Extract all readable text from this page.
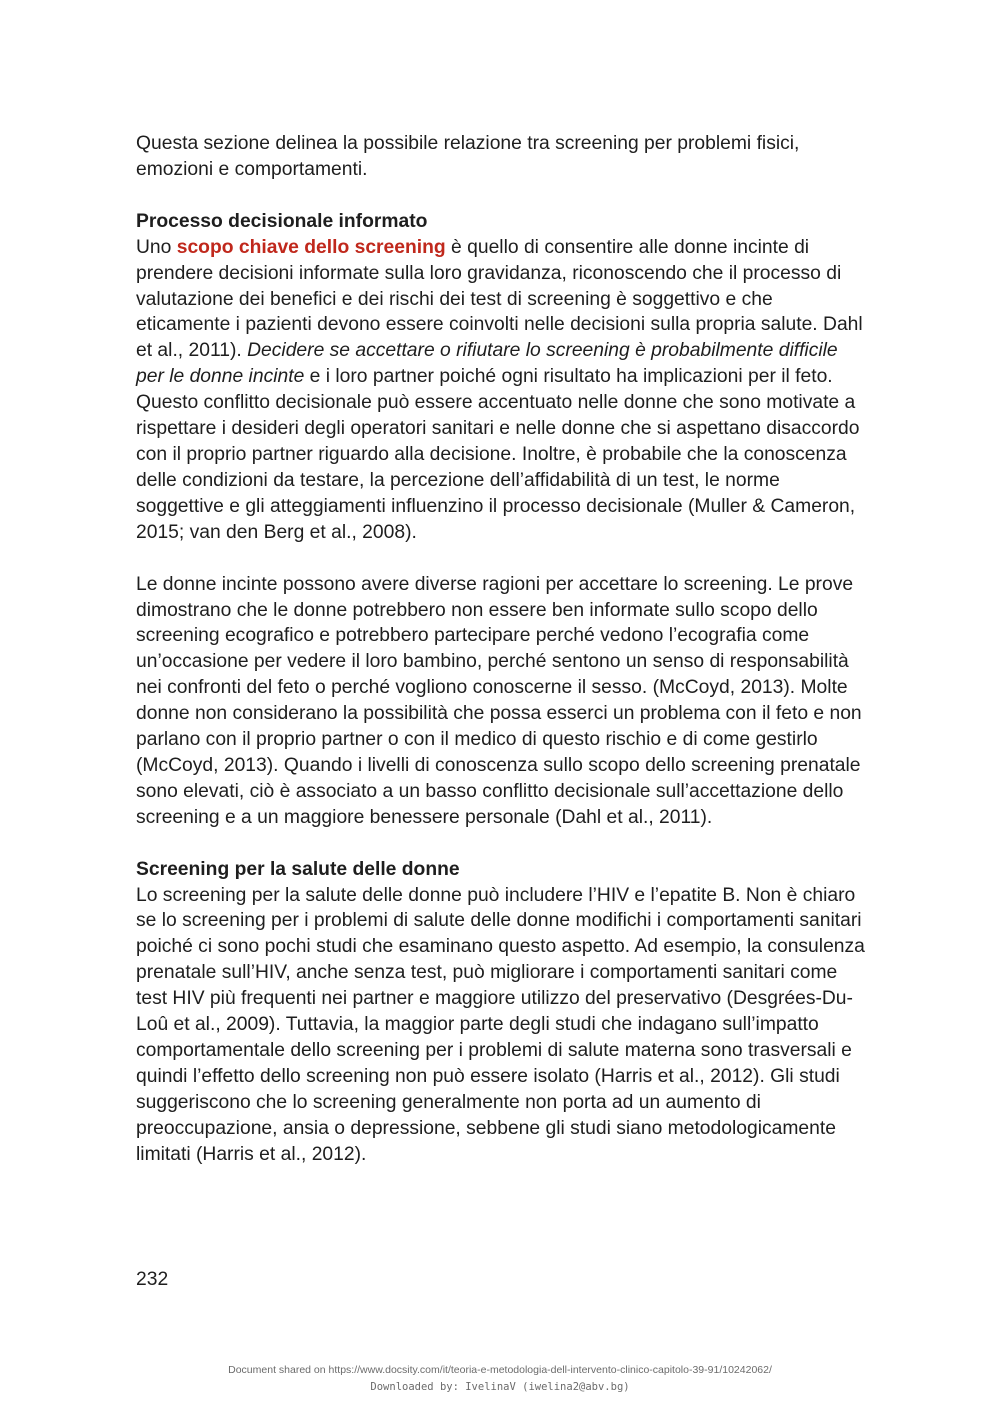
Questa sezione delinea la possibile relazione tra screening per problemi fisici, emozioni e comportamenti.

Processo decisionale informato

Uno scopo chiave dello screening è quello di consentire alle donne incinte di prendere decisioni informate sulla loro gravidanza, riconoscendo che il processo di valutazione dei benefici e dei rischi dei test di screening è soggettivo e che eticamente i pazienti devono essere coinvolti nelle decisioni sulla propria salute. Dahl et al., 2011). Decidere se accettare o rifiutare lo screening è probabilmente difficile per le donne incinte e i loro partner poiché ogni risultato ha implicazioni per il feto. Questo conflitto decisionale può essere accentuato nelle donne che sono motivate a rispettare i desideri degli operatori sanitari e nelle donne che si aspettano disaccordo con il proprio partner riguardo alla decisione. Inoltre, è probabile che la conoscenza delle condizioni da testare, la percezione dell’affidabilità di un test, le norme soggettive e gli atteggiamenti influenzino il processo decisionale (Muller & Cameron, 2015; van den Berg et al., 2008).

Le donne incinte possono avere diverse ragioni per accettare lo screening. Le prove dimostrano che le donne potrebbero non essere ben informate sullo scopo dello screening ecografico e potrebbero partecipare perché vedono l’ecografia come un’occasione per vedere il loro bambino, perché sentono un senso di responsabilità nei confronti del feto o perché vogliono conoscerne il sesso. (McCoyd, 2013). Molte donne non considerano la possibilità che possa esserci un problema con il feto e non parlano con il proprio partner o con il medico di questo rischio e di come gestirlo (McCoyd, 2013). Quando i livelli di conoscenza sullo scopo dello screening prenatale sono elevati, ciò è associato a un basso conflitto decisionale sull’accettazione dello screening e a un maggiore benessere personale (Dahl et al., 2011).

Screening per la salute delle donne

Lo screening per la salute delle donne può includere l’HIV e l’epatite B. Non è chiaro se lo screening per i problemi di salute delle donne modifichi i comportamenti sanitari poiché ci sono pochi studi che esaminano questo aspetto. Ad esempio, la consulenza prenatale sull’HIV, anche senza test, può migliorare i comportamenti sanitari come test HIV più frequenti nei partner e maggiore utilizzo del preservativo (Desgrées-Du-Loû et al., 2009). Tuttavia, la maggior parte degli studi che indagano sull’impatto comportamentale dello screening per i problemi di salute materna sono trasversali e quindi l’effetto dello screening non può essere isolato (Harris et al., 2012). Gli studi suggeriscono che lo screening generalmente non porta ad un aumento di preoccupazione, ansia o depressione, sebbene gli studi siano metodologicamente limitati (Harris et al., 2012).

232
Document shared on https://www.docsity.com/it/teoria-e-metodologia-dell-intervento-clinico-capitolo-39-91/10242062/
Downloaded by: IvelinaV (iwelina2@abv.bg)
